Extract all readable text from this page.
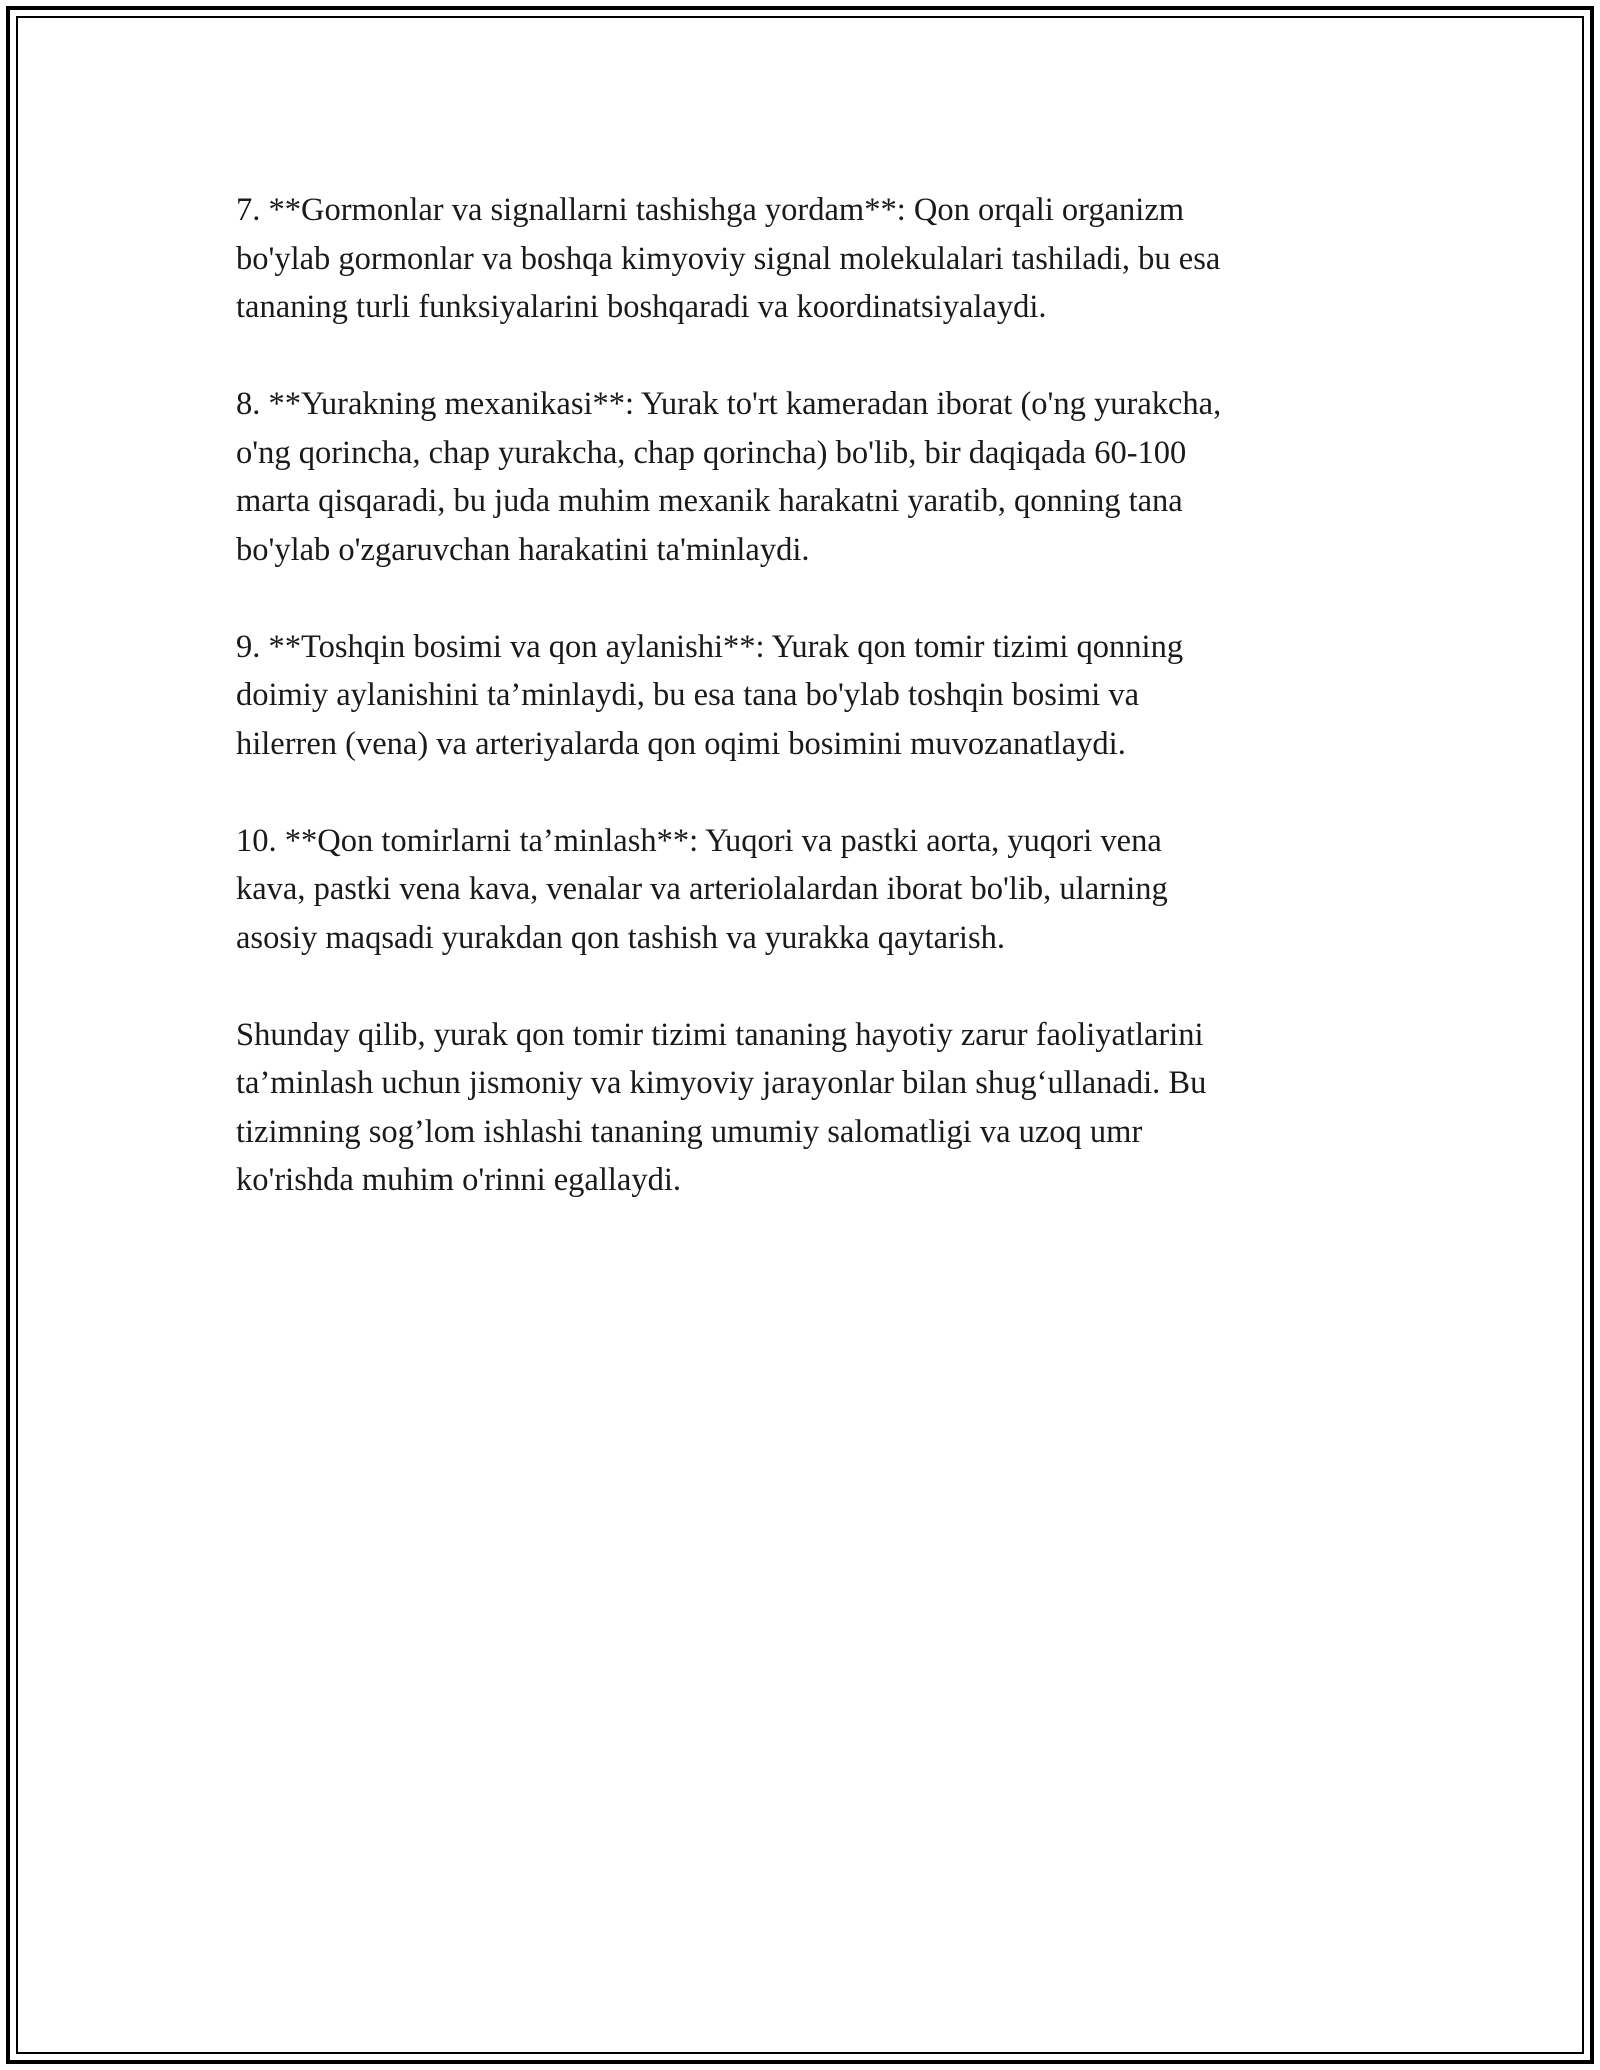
7. **Gormonlar va signallarni tashishga yordam**: Qon orqali organizm
bo'ylab gormonlar va boshqa kimyoviy signal molekulalari tashiladi, bu esa
tananing turli funksiyalarini boshqaradi va koordinatsiyalaydi.

8. **Yurakning mexanikasi**: Yurak to'rt kameradan iborat (o'ng yurakcha,
o'ng qorincha, chap yurakcha, chap qorincha) bo'lib, bir daqiqada 60-100
marta qisqaradi, bu juda muhim mexanik harakatni yaratib, qonning tana
bo'ylab o'zgaruvchan harakatini ta'minlaydi.

9. **Toshqin bosimi va qon aylanishi**: Yurak qon tomir tizimi qonning
doimiy aylanishini ta’minlaydi, bu esa tana bo'ylab toshqin bosimi va
hilerren (vena) va arteriyalarda qon oqimi bosimini muvozanatlaydi.

10. **Qon tomirlarni ta’minlash**: Yuqori va pastki aorta, yuqori vena
kava, pastki vena kava, venalar va arteriolalardan iborat bo'lib, ularning
asosiy maqsadi yurakdan qon tashish va yurakka qaytarish.

Shunday qilib, yurak qon tomir tizimi tananing hayotiy zarur faoliyatlarini
ta’minlash uchun jismoniy va kimyoviy jarayonlar bilan shug‘ullanadi. Bu
tizimning sog’lom ishlashi tananing umumiy salomatligi va uzoq umr
ko'rishda muhim o'rinni egallaydi.
